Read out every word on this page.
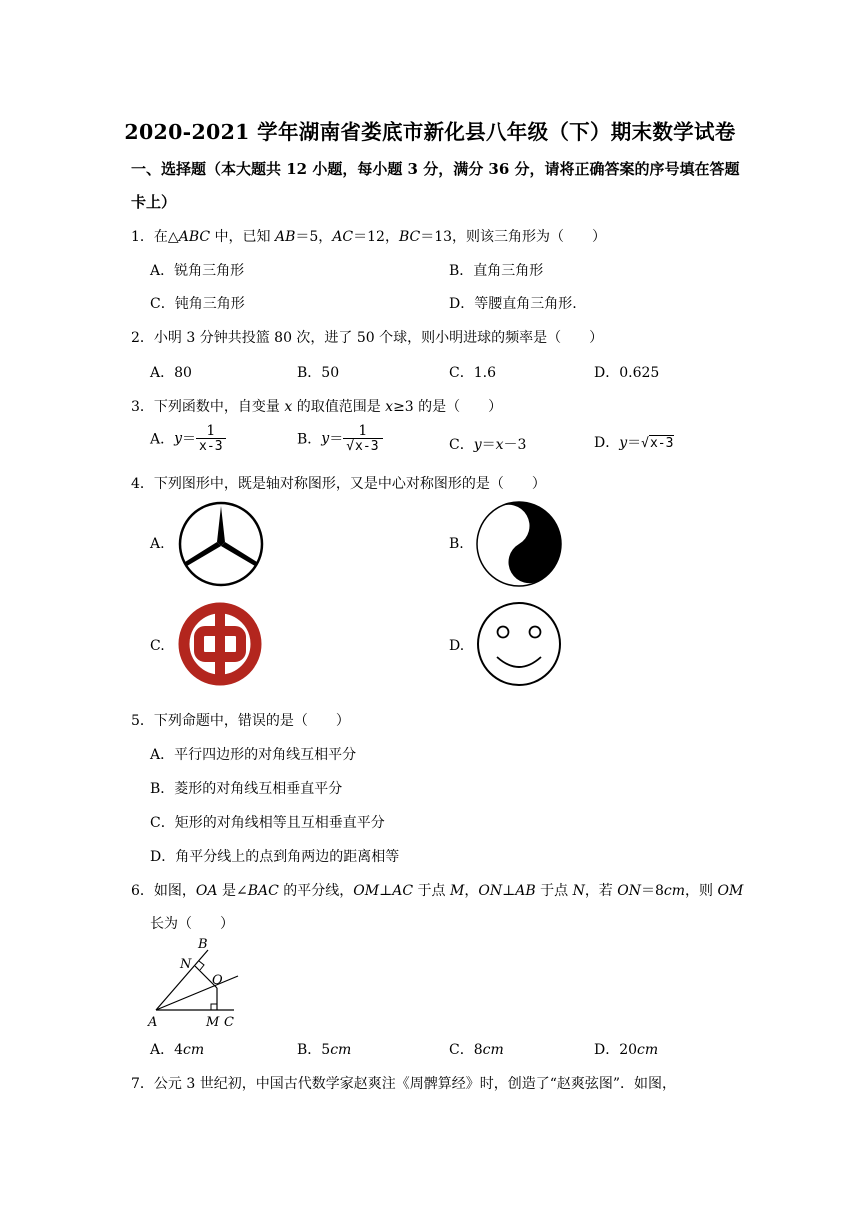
2020-2021 学年湖南省娄底市新化县八年级（下）期末数学试卷
一、选择题（本大题共 12 小题，每小题 3 分，满分 36 分，请将正确答案的序号填在答题
卡上）
1．在△ABC 中，已知 AB＝5，AC＝12，BC＝13，则该三角形为（　　）
A．锐角三角形	B．直角三角形
C．钝角三角形	D．等腰直角三角形.
2．小明 3 分钟共投篮 80 次，进了 50 个球，则小明进球的频率是（　　）
A．80	B．50	C．1.6	D．0.625
3．下列函数中，自变量 x 的取值范围是 x≥3 的是（　　）
A．$y= \frac{1}{x-3}$	B．$y= \frac{1}{√x-3}$	C．y＝x－3	D．y＝√x-3
4．下列图形中，既是轴对称图形，又是中心对称图形的是（　　）
A.	B.
C.	D.
5．下列命题中，错误的是（　　）
A．平行四边形的对角线互相平分
B．菱形的对角线互相垂直平分
C．矩形的对角线相等且互相垂直平分
D．角平分线上的点到角两边的距离相等
6．如图，OA 是∠BAC 的平分线，OM⊥AC 于点 M，ON⊥AB 于点 N，若 ON＝8cm，则 OM
长为（　　）
B
N
O
A	M C
A．4cm	B．5cm	C．8cm	D．20cm
7．公元 3 世纪初，中国古代数学家赵爽注《周髀算经》时，创造了“赵爽弦图”．如图，
